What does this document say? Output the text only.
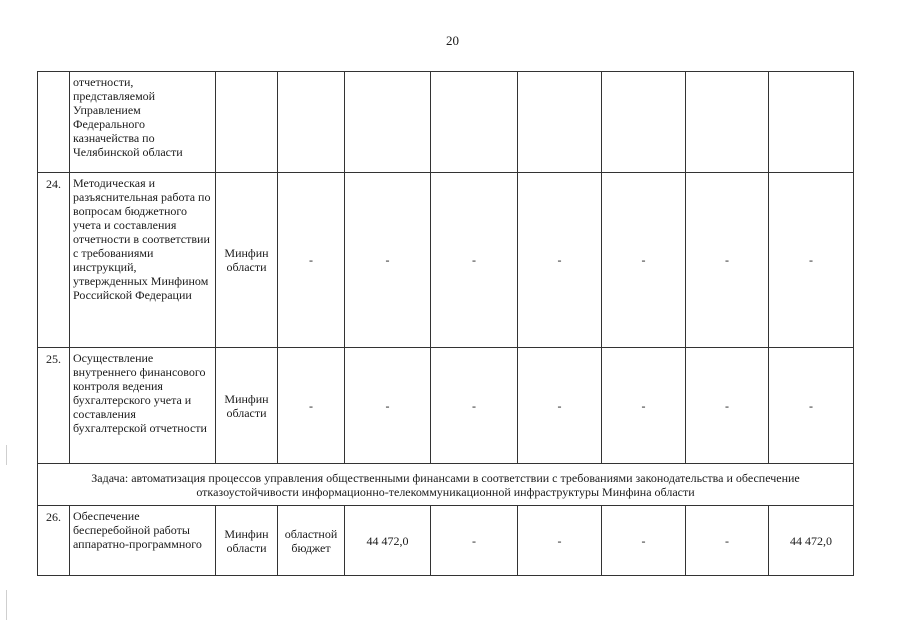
20
	отчетности, представляемой Управлением Федерального казначейства по Челябинской области								
24.	Методическая и разъяснительная работа по вопросам бюджетного учета и составления отчетности в соответствии с требованиями инструкций, утвержденных Минфином Российской Федерации	Минфин области	-	-	-	-	-	-	-
25.	Осуществление внутреннего финансового контроля ведения бухгалтерского учета и составления бухгалтерской отчетности	Минфин области	-	-	-	-	-	-	-
Задача: автоматизация процессов управления общественными финансами в соответствии с требованиями законодательства и обеспечение отказоустойчивости информационно-телекоммуникационной инфраструктуры Минфина области									
26.	Обеспечение бесперебойной работы аппаратно-программного	Минфин области	областной бюджет	44 472,0	-	-	-	-	44 472,0
